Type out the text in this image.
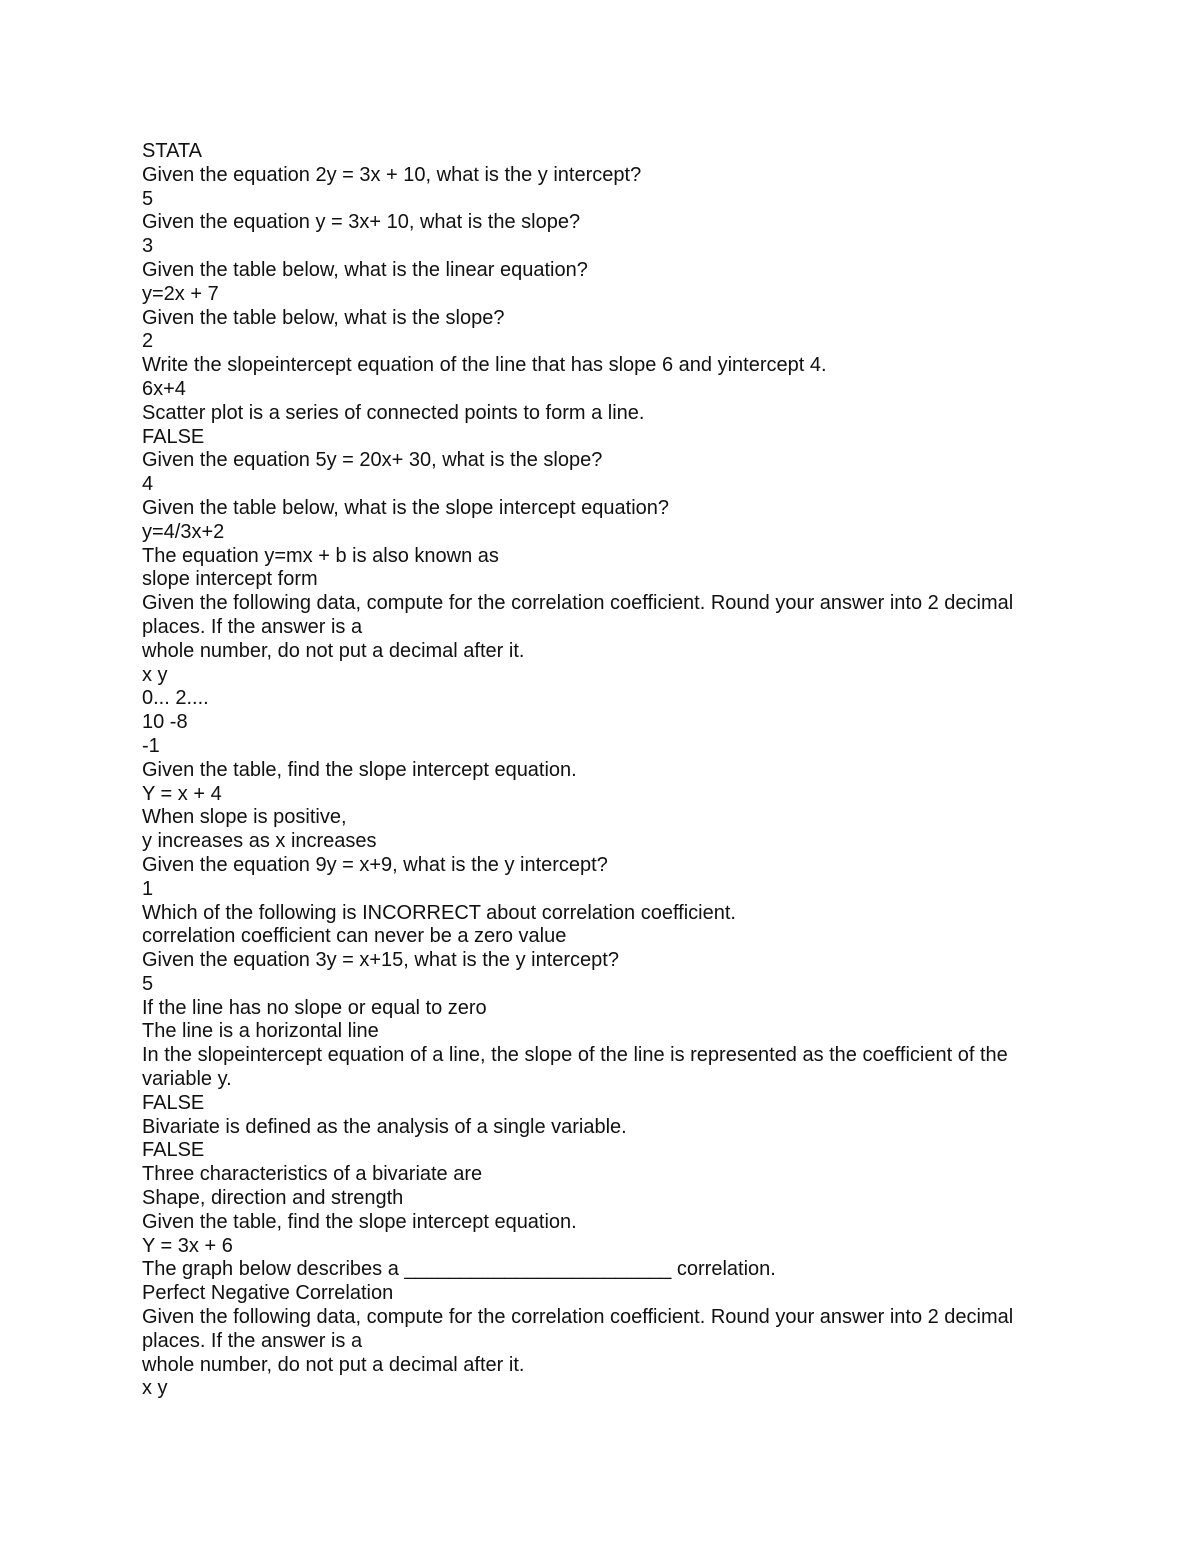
STATA

Given the equation 2y = 3x + 10, what is the y intercept?

5

Given the equation y = 3x+ 10, what is the slope?

3

Given the table below, what is the linear equation?

y=2x + 7

Given the table below, what is the slope?

2

Write the slopeintercept equation of the line that has slope 6 and yintercept 4.

6x+4

Scatter plot is a series of connected points to form a line.

FALSE

Given the equation 5y = 20x+ 30, what is the slope?

4

Given the table below, what is the slope intercept equation?

y=4/3x+2

The equation y=mx + b is also known as

slope intercept form

Given the following data, compute for the correlation coefficient. Round your answer into 2 decimal

places. If the answer is a

whole number, do not put a decimal after it.

x y

0... 2....

10 -8

-1

Given the table, find the slope intercept equation.

Y = x + 4

When slope is positive,

y increases as x increases

Given the equation 9y = x+9, what is the y intercept?

1

Which of the following is INCORRECT about correlation coefficient.

correlation coefficient can never be a zero value

Given the equation 3y = x+15, what is the y intercept?

5

If the line has no slope or equal to zero

The line is a horizontal line

In the slopeintercept equation of a line, the slope of the line is represented as the coefficient of the

variable y.

FALSE

Bivariate is defined as the analysis of a single variable.

FALSE

Three characteristics of a bivariate are

Shape, direction and strength

Given the table, find the slope intercept equation.

Y = 3x + 6

The graph below describes a ________________________ correlation.

Perfect Negative Correlation

Given the following data, compute for the correlation coefficient. Round your answer into 2 decimal

places. If the answer is a

whole number, do not put a decimal after it.

x y
